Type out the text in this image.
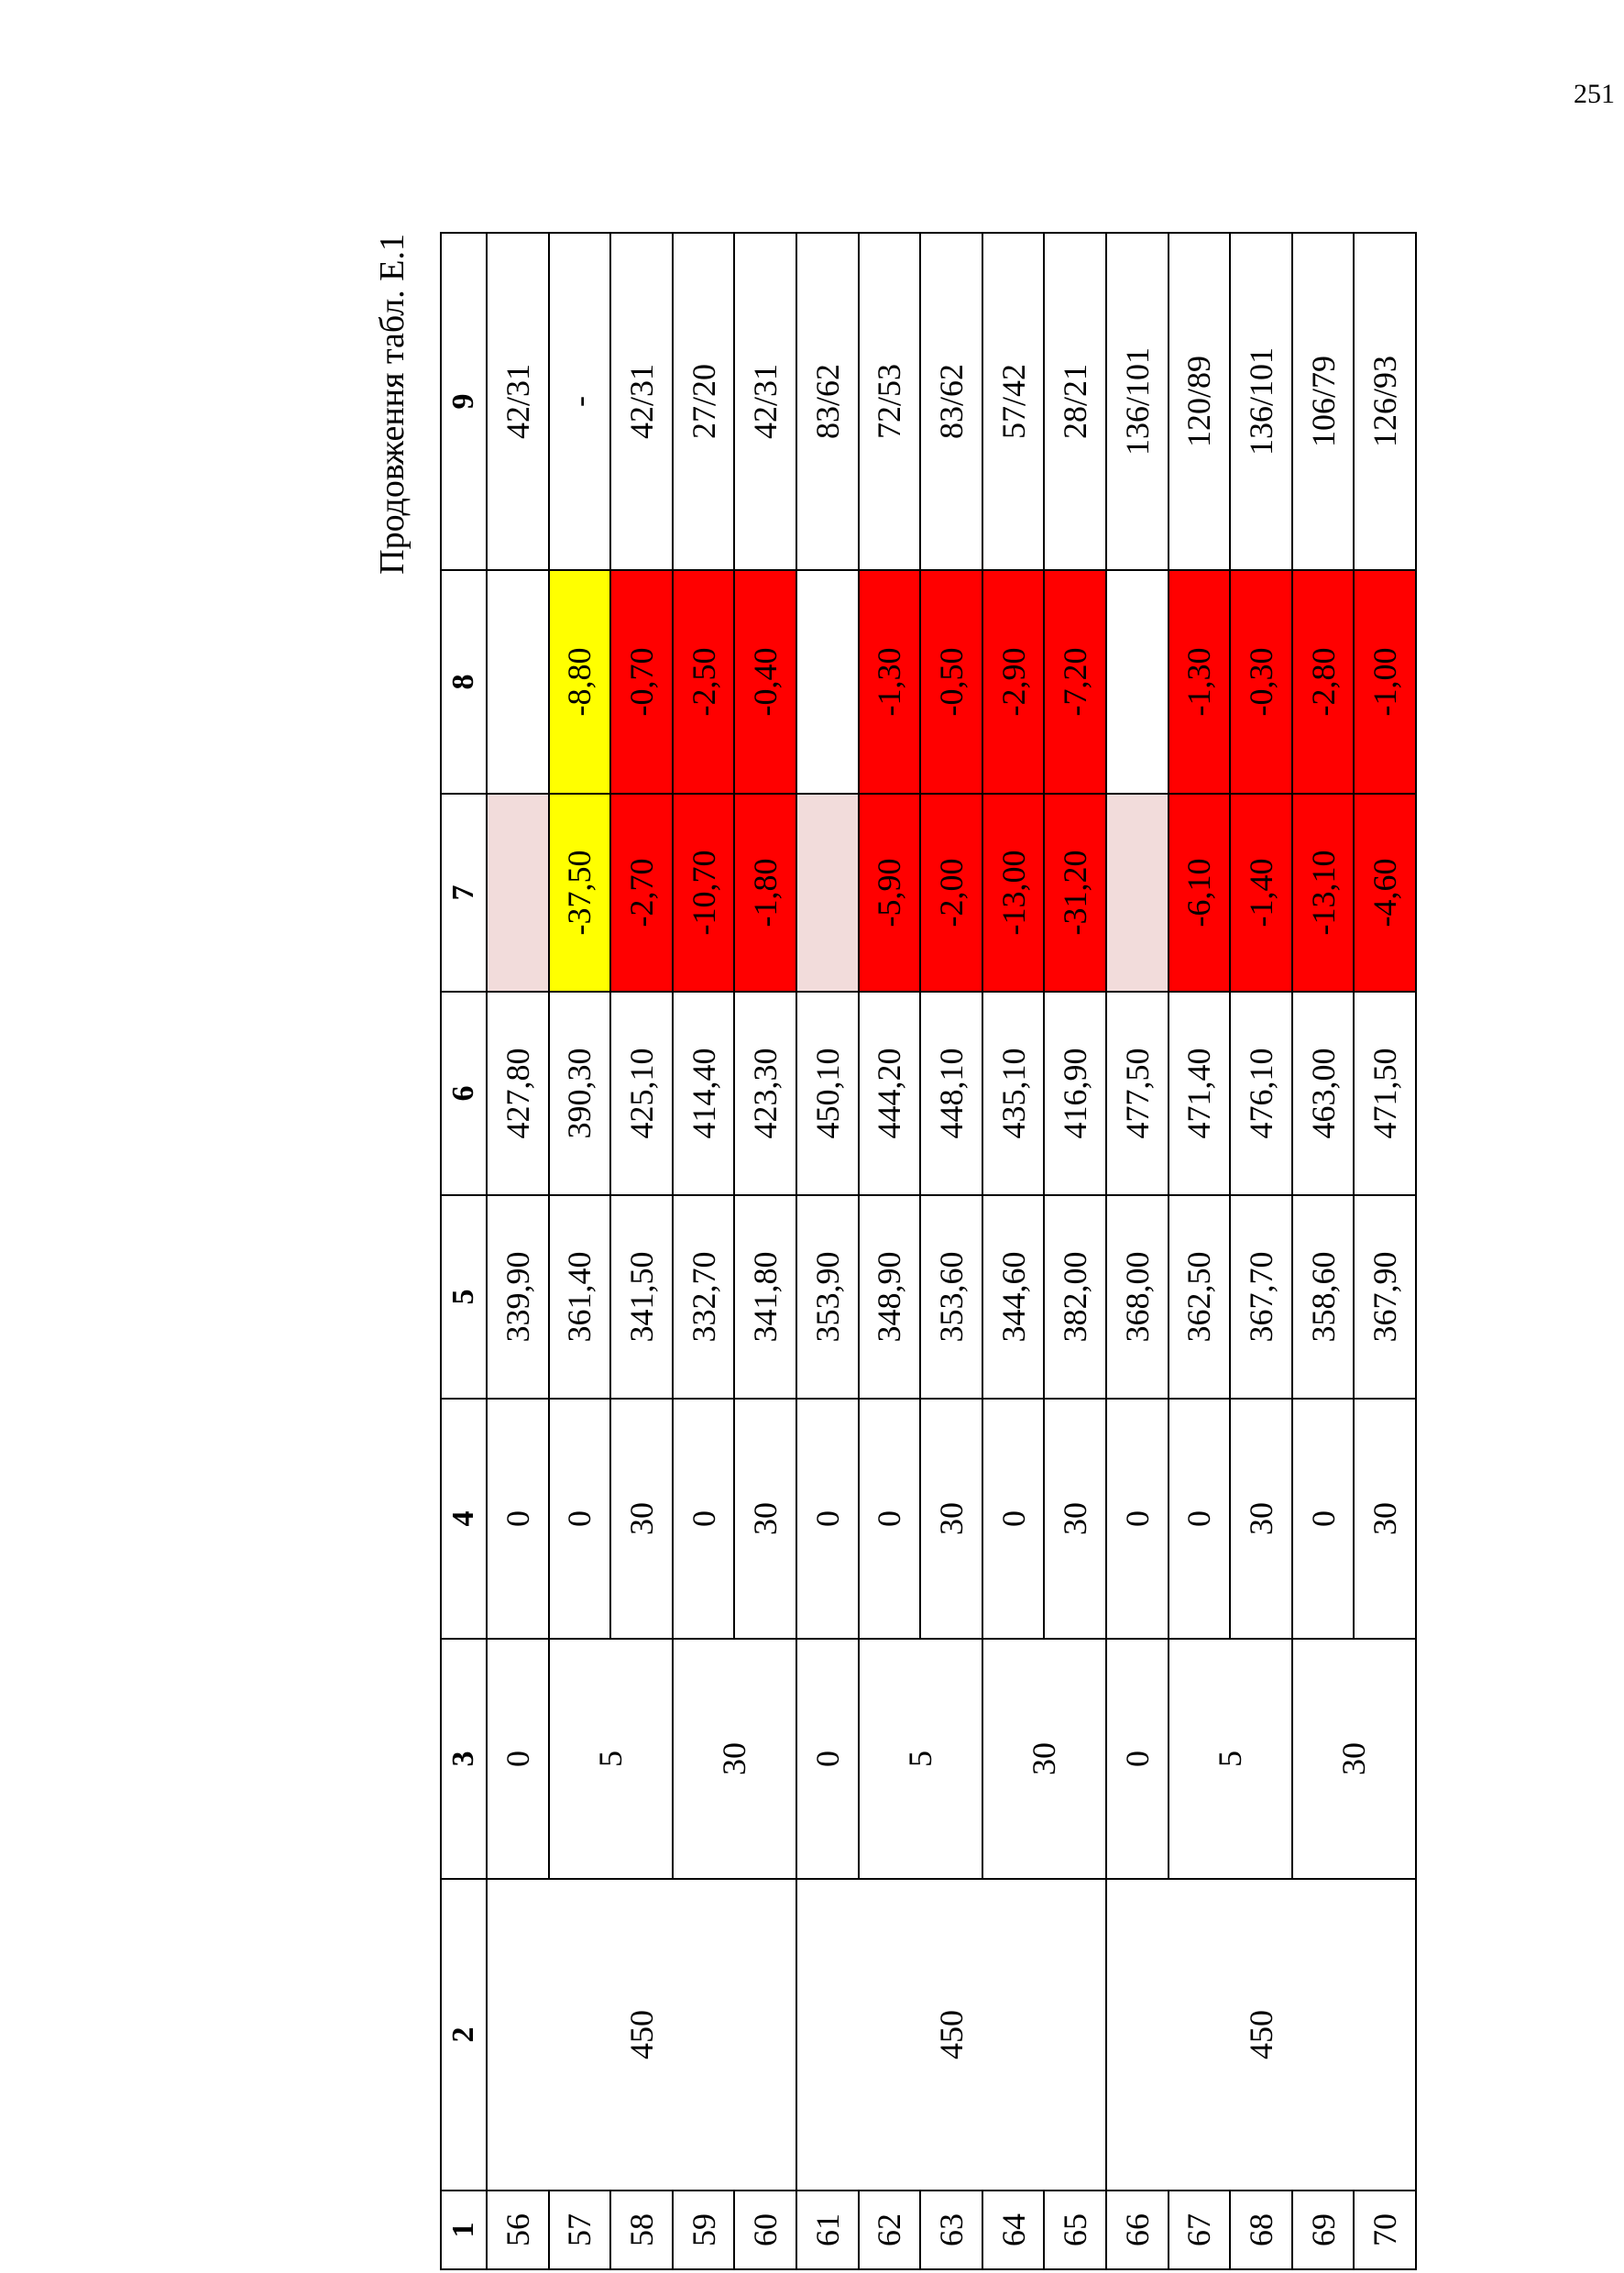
251
Продовження табл. Е.1
1	2	3	4	5	6	7	8	9
56	450	0	0	339,90	427,80			42/31
57		5	0	361,40	390,30	-37,50	-8,80	-
58			30	341,50	425,10	-2,70	-0,70	42/31
59		30	0	332,70	414,40	-10,70	-2,50	27/20
60			30	341,80	423,30	-1,80	-0,40	42/31
61	450	0	0	353,90	450,10			83/62
62		5	0	348,90	444,20	-5,90	-1,30	72/53
63			30	353,60	448,10	-2,00	-0,50	83/62
64		30	0	344,60	435,10	-13,00	-2,90	57/42
65			30	382,00	416,90	-31,20	-7,20	28/21
66	450	0	0	368,00	477,50			136/101
67		5	0	362,50	471,40	-6,10	-1,30	120/89
68			30	367,70	476,10	-1,40	-0,30	136/101
69		30	0	358,60	463,00	-13,10	-2,80	106/79
70			30	367,90	471,50	-4,60	-1,00	126/93
